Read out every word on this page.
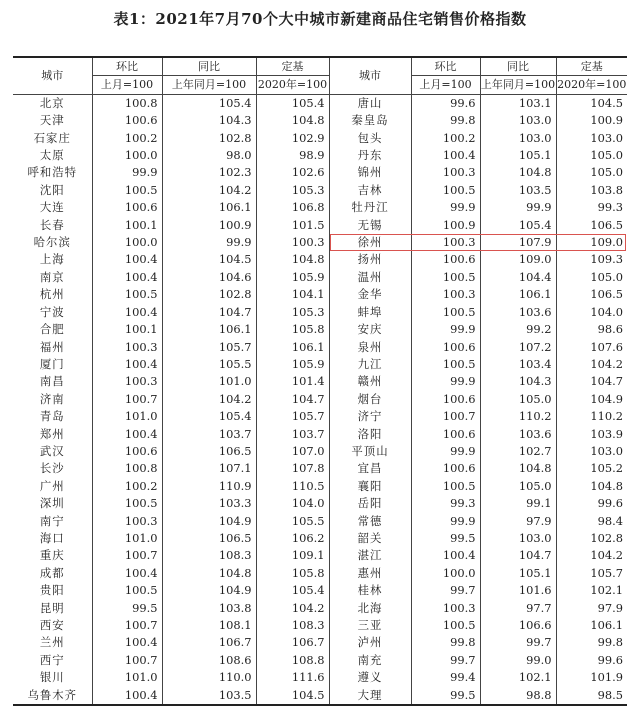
表1：2021年7月70个大中城市新建商品住宅销售价格指数
城市	环比	同比	定基	城市	环比	同比	定基
	上月=100	上年同月=100	2020年=100		上月=100	上年同月=100	2020年=100
北京	100.8	105.4	105.4	唐山	99.6	103.1	104.5
天津	100.6	104.3	104.8	秦皇岛	99.8	103.0	100.9
石家庄	100.2	102.8	102.9	包头	100.2	103.0	103.0
太原	100.0	98.0	98.9	丹东	100.4	105.1	105.0
呼和浩特	99.9	102.3	102.6	锦州	100.3	104.8	105.0
沈阳	100.5	104.2	105.3	吉林	100.5	103.5	103.8
大连	100.6	106.1	106.8	牡丹江	99.9	99.9	99.3
长春	100.1	100.9	101.5	无锡	100.9	105.4	106.5
哈尔滨	100.0	99.9	100.3	徐州	100.3	107.9	109.0
上海	100.4	104.5	104.8	扬州	100.6	109.0	109.3
南京	100.4	104.6	105.9	温州	100.5	104.4	105.0
杭州	100.5	102.8	104.1	金华	100.3	106.1	106.5
宁波	100.4	104.7	105.3	蚌埠	100.5	103.6	104.0
合肥	100.1	106.1	105.8	安庆	99.9	99.2	98.6
福州	100.3	105.7	106.1	泉州	100.6	107.2	107.6
厦门	100.4	105.5	105.9	九江	100.5	103.4	104.2
南昌	100.3	101.0	101.4	赣州	99.9	104.3	104.7
济南	100.7	104.2	104.7	烟台	100.6	105.0	104.9
青岛	101.0	105.4	105.7	济宁	100.7	110.2	110.2
郑州	100.4	103.7	103.7	洛阳	100.6	103.6	103.9
武汉	100.6	106.5	107.0	平顶山	99.9	102.7	103.0
长沙	100.8	107.1	107.8	宜昌	100.6	104.8	105.2
广州	100.2	110.9	110.5	襄阳	100.5	105.0	104.8
深圳	100.5	103.3	104.0	岳阳	99.3	99.1	99.6
南宁	100.3	104.9	105.5	常德	99.9	97.9	98.4
海口	101.0	106.5	106.2	韶关	99.5	103.0	102.8
重庆	100.7	108.3	109.1	湛江	100.4	104.7	104.2
成都	100.4	104.8	105.8	惠州	100.0	105.1	105.7
贵阳	100.5	104.9	105.4	桂林	99.7	101.6	102.1
昆明	99.5	103.8	104.2	北海	100.3	97.7	97.9
西安	100.7	108.1	108.3	三亚	100.5	106.6	106.1
兰州	100.4	106.7	106.7	泸州	99.8	99.7	99.8
西宁	100.7	108.6	108.8	南充	99.7	99.0	99.6
银川	101.0	110.0	111.6	遵义	99.4	102.1	101.9
乌鲁木齐	100.4	103.5	104.5	大理	99.5	98.8	98.5
